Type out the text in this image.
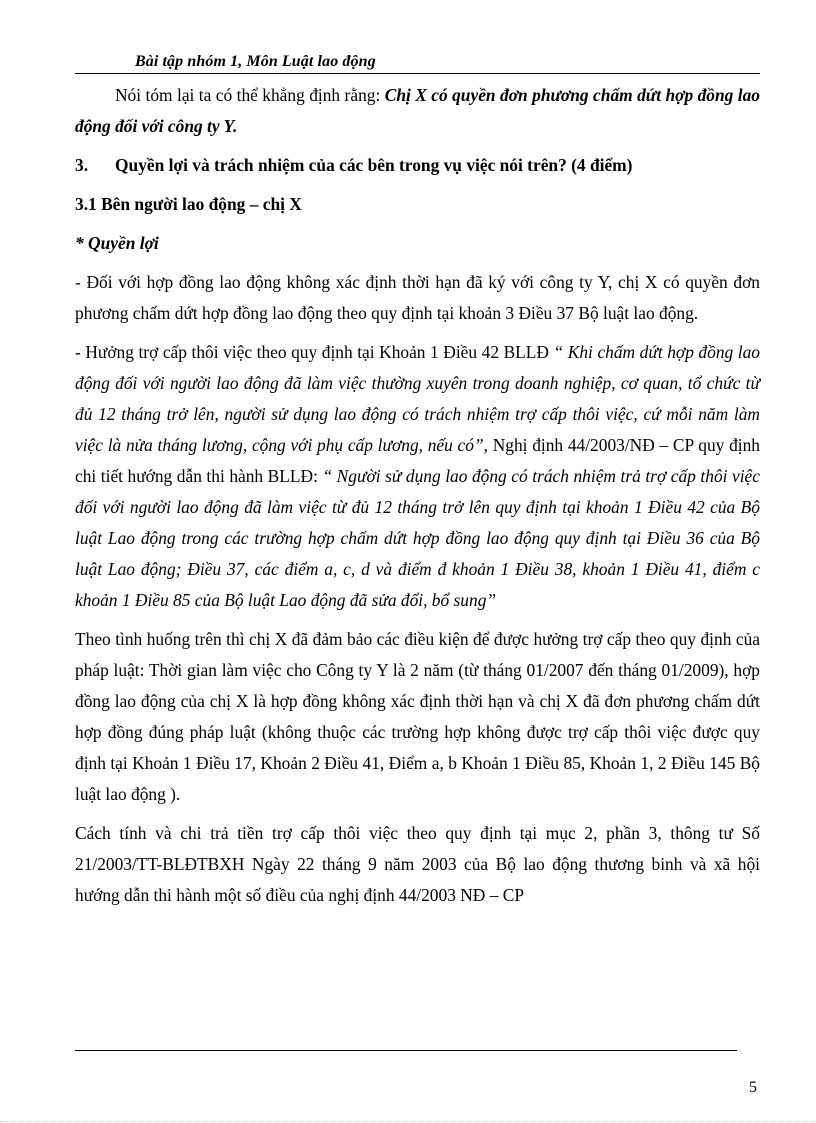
Bài tập nhóm 1, Môn Luật lao động

Nói tóm lại ta có thể khẳng định rằng: Chị X có quyền đơn phương chấm dứt hợp đồng lao động đối với công ty Y.

3.	Quyền lợi và trách nhiệm của các bên trong vụ việc nói trên? (4 điểm)

3.1 Bên người lao động – chị X

* Quyền lợi

- Đối với hợp đồng lao động không xác định thời hạn đã ký với công ty Y, chị X có quyền đơn phương chấm dứt hợp đồng lao động theo quy định tại khoản 3 Điều 37 Bộ luật lao động.

- Hưởng trợ cấp thôi việc theo quy định tại Khoản 1 Điều 42 BLLĐ “ Khi chấm dứt hợp đồng lao động đối với người lao động đã làm việc thường xuyên trong doanh nghiệp, cơ quan, tổ chức từ đủ 12 tháng trở lên, người sử dụng lao động có trách nhiệm trợ cấp thôi việc, cứ mỗi năm làm việc là nửa tháng lương, cộng với phụ cấp lương, nếu có”, Nghị định 44/2003/NĐ – CP quy định chi tiết hướng dẫn thi hành BLLĐ: “ Người sử dụng lao động có trách nhiệm trả trợ cấp thôi việc đối với người lao động đã làm việc từ đủ 12 tháng trở lên quy định tại khoản 1 Điều 42 của Bộ luật Lao động trong các trường hợp chấm dứt hợp đồng lao động quy định tại Điều 36 của Bộ luật Lao động; Điều 37, các điểm a, c, d và điểm đ khoản 1 Điều 38, khoản 1 Điều 41, điểm c khoản 1 Điều 85 của Bộ luật Lao động đã sửa đổi, bổ sung”

Theo tình huống trên thì chị X đã đảm bảo các điều kiện để được hưởng trợ cấp theo quy định của pháp luật: Thời gian làm việc cho Công ty Y là 2 năm (từ tháng 01/2007 đến tháng 01/2009), hợp đồng lao động của chị X là hợp đồng không xác định thời hạn và chị X đã đơn phương chấm dứt hợp đồng đúng pháp luật (không thuộc các trường hợp không được trợ cấp thôi việc được quy định tại Khoản 1 Điều 17, Khoản 2 Điều 41, Điểm a, b Khoản 1 Điều 85, Khoản 1, 2 Điều 145 Bộ luật lao động ).

Cách tính và chi trả tiền trợ cấp thôi việc theo quy định tại mục 2, phần 3, thông tư Số 21/2003/TT-BLĐTBXH Ngày 22 tháng 9 năm 2003 của Bộ lao động thương binh và xã hội hướng dẫn thi hành một số điều của nghị định 44/2003 NĐ – CP

5
